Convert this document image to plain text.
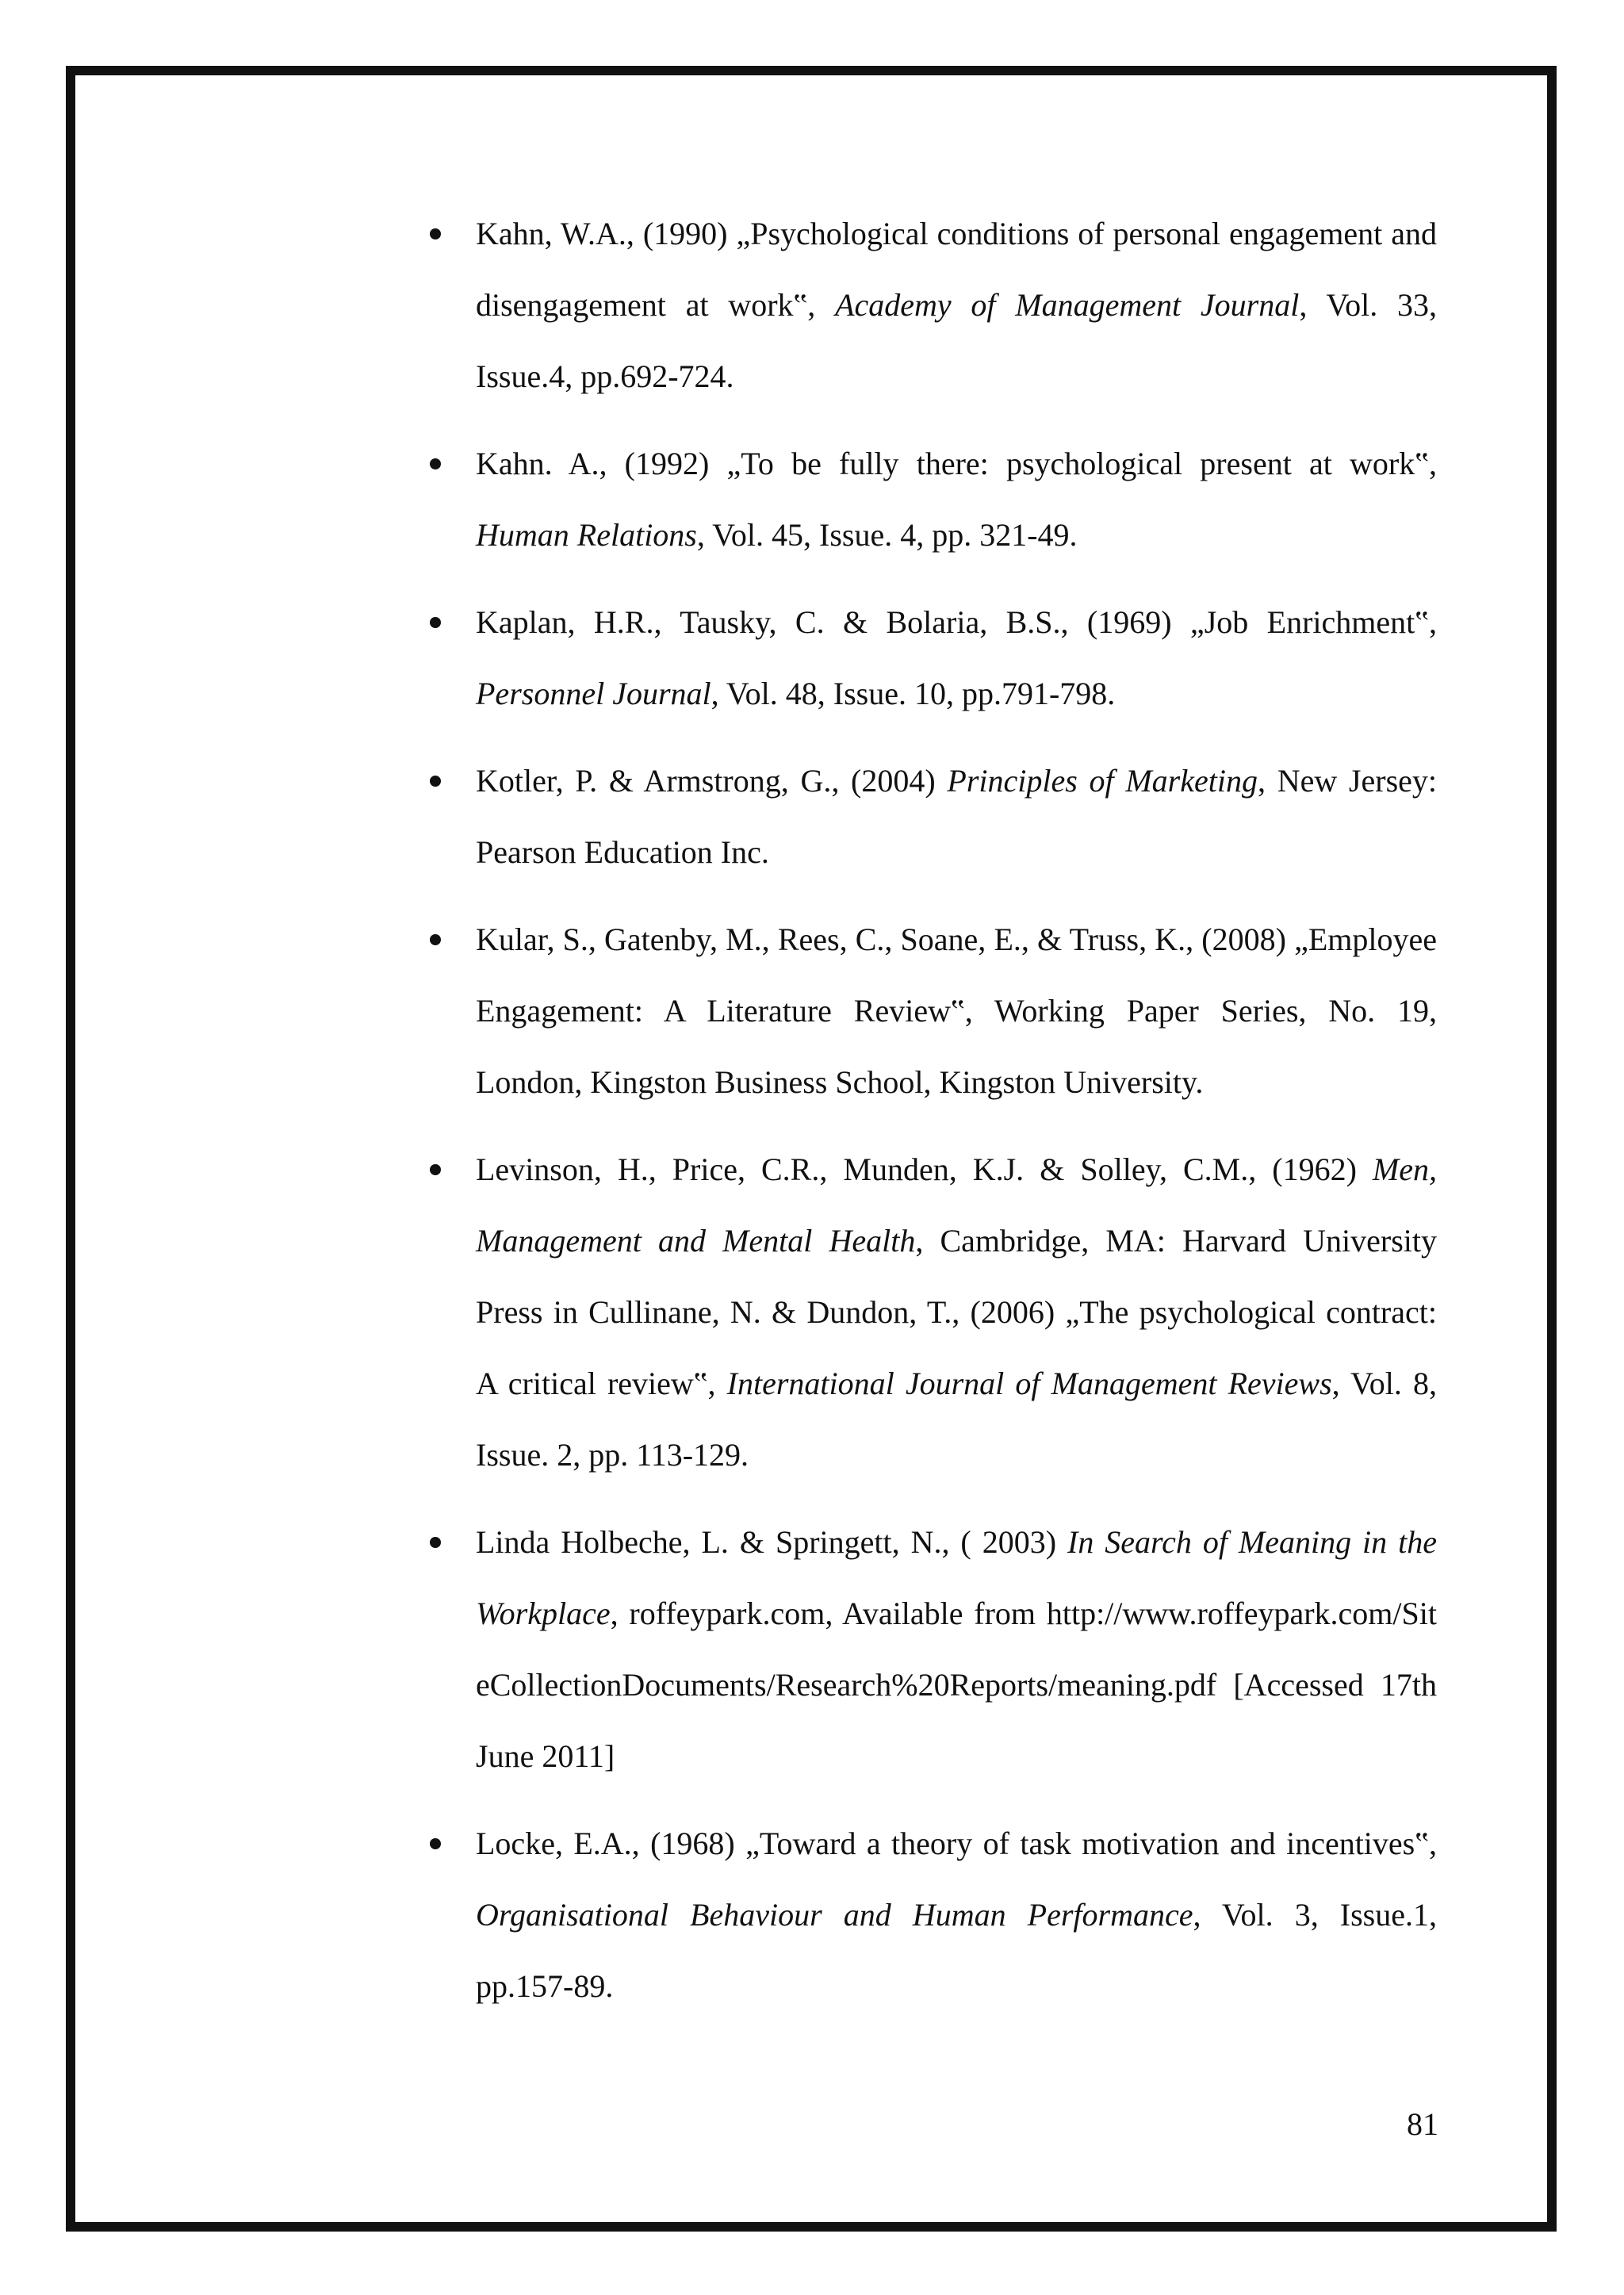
Kahn, W.A., (1990) „Psychological conditions of personal engagement and disengagement at work‟, Academy of Management Journal, Vol. 33, Issue.4, pp.692-724.
Kahn. A., (1992) „To be fully there: psychological present at work‟, Human Relations, Vol. 45, Issue. 4, pp. 321-49.
Kaplan, H.R., Tausky, C. & Bolaria, B.S., (1969) „Job Enrichment‟, Personnel Journal, Vol. 48, Issue. 10, pp.791-798.
Kotler, P. & Armstrong, G., (2004) Principles of Marketing, New Jersey: Pearson Education Inc.
Kular, S., Gatenby, M., Rees, C., Soane, E., & Truss, K., (2008) „Employee Engagement: A Literature Review‟, Working Paper Series, No. 19, London, Kingston Business School, Kingston University.
Levinson, H., Price, C.R., Munden, K.J. & Solley, C.M., (1962) Men, Management and Mental Health, Cambridge, MA: Harvard University Press in Cullinane, N. & Dundon, T., (2006) „The psychological contract: A critical review‟, International Journal of Management Reviews, Vol. 8, Issue. 2, pp. 113-129.
Linda Holbeche, L. & Springett, N., ( 2003) In Search of Meaning in the Workplace, roffeypark.com, Available from http://www.roffeypark.com/SiteCollectionDocuments/Research%20Reports/meaning.pdf [Accessed 17th June 2011]
Locke, E.A., (1968) „Toward a theory of task motivation and incentives‟, Organisational Behaviour and Human Performance, Vol. 3, Issue.1, pp.157-89.
81
